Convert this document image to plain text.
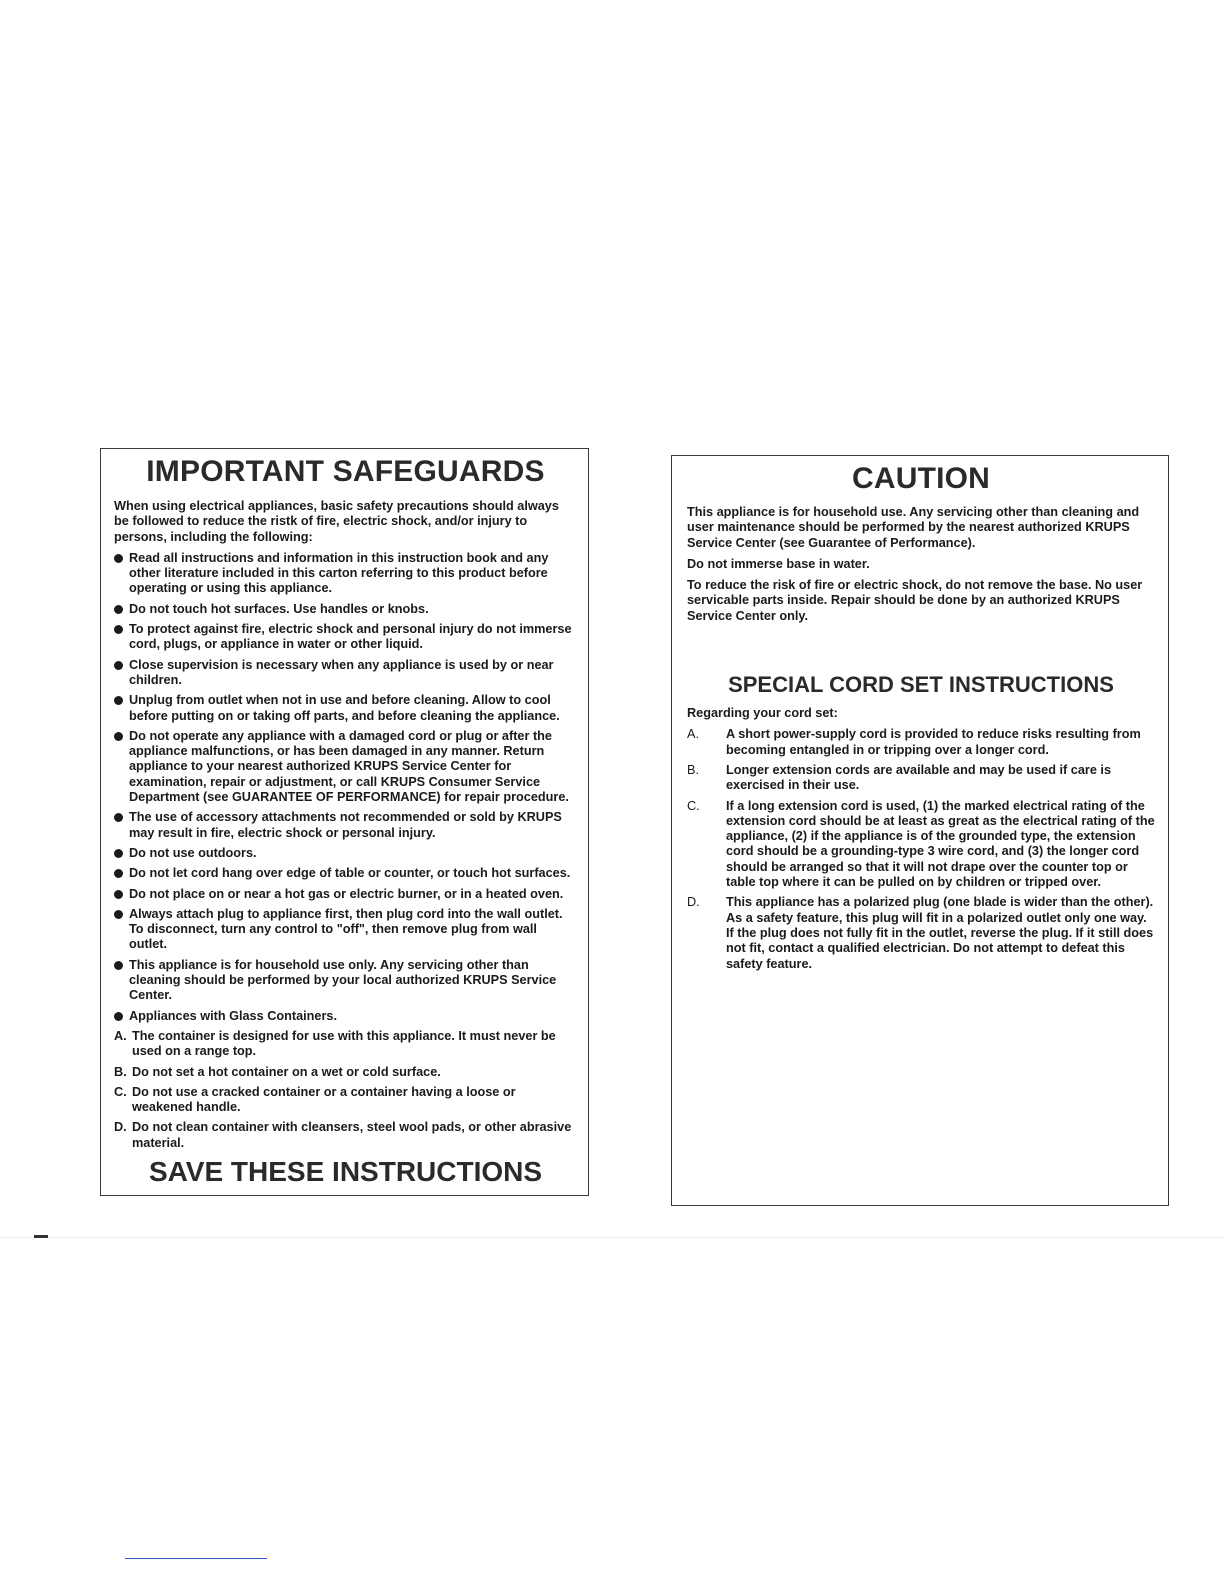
IMPORTANT SAFEGUARDS

When using electrical appliances, basic safety precautions should always be followed to reduce the ristk of fire, electric shock, and/or injury to persons, including the following:

Read all instructions and information in this instruction book and any other literature included in this carton referring to this product before operating or using this appliance.
Do not touch hot surfaces. Use handles or knobs.
To protect against fire, electric shock and personal injury do not immerse cord, plugs, or appliance in water or other liquid.
Close supervision is necessary when any appliance is used by or near children.
Unplug from outlet when not in use and before cleaning. Allow to cool before putting on or taking off parts, and before cleaning the appliance.
Do not operate any appliance with a damaged cord or plug or after the appliance malfunctions, or has been damaged in any manner. Return appliance to your nearest authorized KRUPS Service Center for examination, repair or adjustment, or call KRUPS Consumer Service Department (see GUARANTEE OF PERFORMANCE) for repair procedure.
The use of accessory attachments not recommended or sold by KRUPS may result in fire, electric shock or personal injury.
Do not use outdoors.
Do not let cord hang over edge of table or counter, or touch hot surfaces.
Do not place on or near a hot gas or electric burner, or in a heated oven.
Always attach plug to appliance first, then plug cord into the wall outlet. To disconnect, turn any control to "off", then remove plug from wall outlet.
This appliance is for household use only. Any servicing other than cleaning should be performed by your local authorized KRUPS Service Center.
Appliances with Glass Containers.
A. The container is designed for use with this appliance. It must never be used on a range top.
B. Do not set a hot container on a wet or cold surface.
C. Do not use a cracked container or a container having a loose or weakened handle.
D. Do not clean container with cleansers, steel wool pads, or other abrasive material.
SAVE THESE INSTRUCTIONS
CAUTION

This appliance is for household use. Any servicing other than cleaning and user maintenance should be performed by the nearest authorized KRUPS Service Center (see Guarantee of Performance).

Do not immerse base in water.

To reduce the risk of fire or electric shock, do not remove the base. No user servicable parts inside. Repair should be done by an authorized KRUPS Service Center only.

SPECIAL CORD SET INSTRUCTIONS

Regarding your cord set:

A. A short power-supply cord is provided to reduce risks resulting from becoming entangled in or tripping over a longer cord.
B. Longer extension cords are available and may be used if care is exercised in their use.
C. If a long extension cord is used, (1) the marked electrical rating of the extension cord should be at least as great as the electrical rating of the appliance, (2) if the appliance is of the grounded type, the extension cord should be a grounding-type 3 wire cord, and (3) the longer cord should be arranged so that it will not drape over the counter top or table top where it can be pulled on by children or tripped over.
D. This appliance has a polarized plug (one blade is wider than the other). As a safety feature, this plug will fit in a polarized outlet only one way. If the plug does not fully fit in the outlet, reverse the plug. If it still does not fit, contact a qualified electrician. Do not attempt to defeat this safety feature.
